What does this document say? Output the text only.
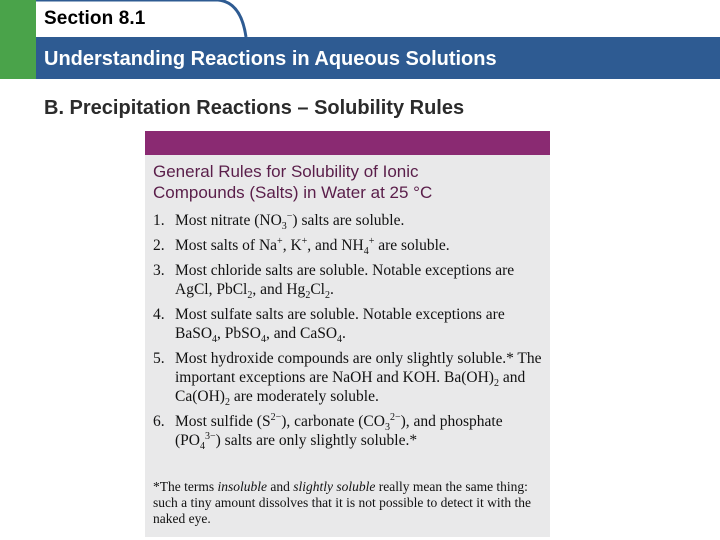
Section 8.1
Understanding Reactions in Aqueous Solutions
B. Precipitation Reactions – Solubility Rules
General Rules for Solubility of Ionic
Compounds (Salts) in Water at 25 °C
1. Most nitrate $(NO_3^-)$ salts are soluble.
2. Most salts of Na+, K+, and $NH_4^+$ are soluble.
3. Most chloride salts are soluble. Notable exceptions are AgCl, PbCl$_2$, and $Hg_2Cl_2$.
4. Most sulfate salts are soluble. Notable exceptions are BaSO$_4$, PbSO$_4$, and CaSO$_4$.
5. Most hydroxide compounds are only slightly soluble.* The important exceptions are NaOH and KOH. $Ba(OH)_2$ and $Ca(OH)_2$ are moderately soluble.
6. Most sulfide $(S^{2-})$, carbonate $(CO_3^{2-})$, and phosphate $(PO_4^{3-})$ salts are only slightly soluble.*
*The terms insoluble and slightly soluble really mean the same thing: such a tiny amount dissolves that it is not possible to detect it with the naked eye.
